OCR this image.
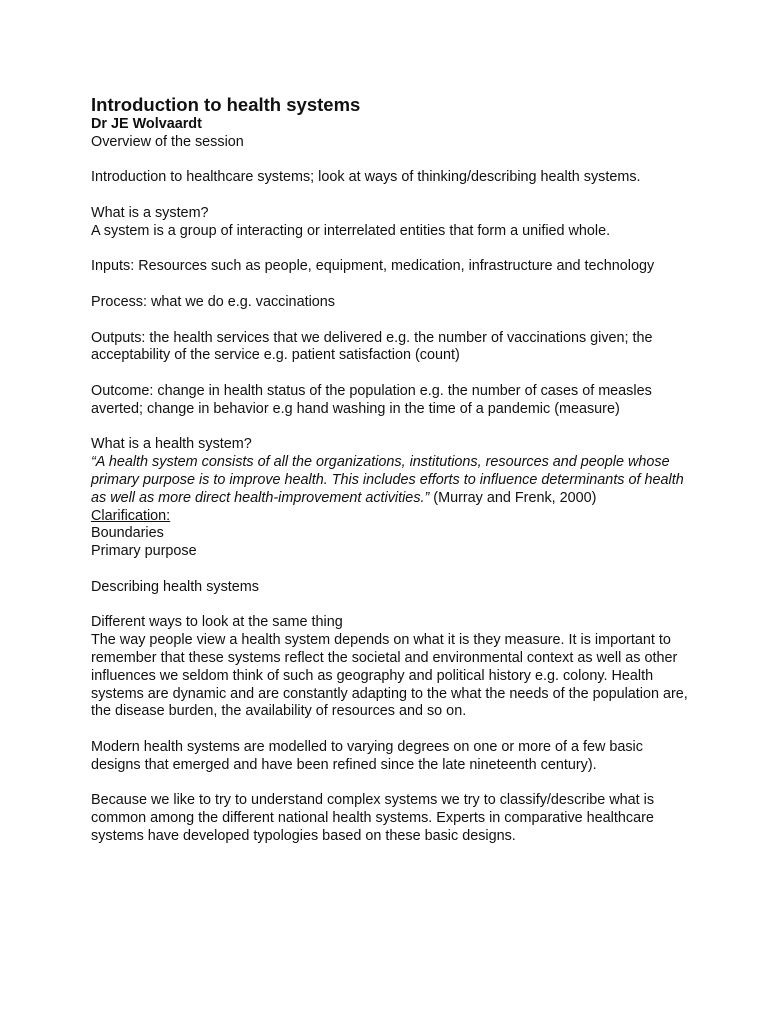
Introduction to health systems
Dr JE Wolvaardt

Overview of the session

Introduction to healthcare systems; look at ways of thinking/describing health systems.

What is a system?
A system is a group of interacting or interrelated entities that form a unified whole.

Inputs: Resources such as people, equipment, medication, infrastructure and technology

Process: what we do e.g. vaccinations

Outputs: the health services that we delivered e.g. the number of vaccinations given; the acceptability of the service e.g. patient satisfaction (count)

Outcome: change in health status of the population e.g. the number of cases of measles averted; change in behavior e.g hand washing in the time of a pandemic (measure)

What is a health system?
“A health system consists of all the organizations, institutions, resources and people whose primary purpose is to improve health. This includes efforts to influence determinants of health as well as more direct health-improvement activities.” (Murray and Frenk, 2000)
Clarification:
Boundaries
Primary purpose

Describing health systems

Different ways to look at the same thing
The way people view a health system depends on what it is they measure. It is important to remember that these systems reflect the societal and environmental context as well as other influences we seldom think of such as geography and political history e.g. colony. Health systems are dynamic and are constantly adapting to the what the needs of the population are, the disease burden, the availability of resources and so on.

Modern health systems are modelled to varying degrees on one or more of a few basic designs that emerged and have been refined since the late nineteenth century).

Because we like to try to understand complex systems we try to classify/describe what is common among the different national health systems. Experts in comparative healthcare systems have developed typologies based on these basic designs.
